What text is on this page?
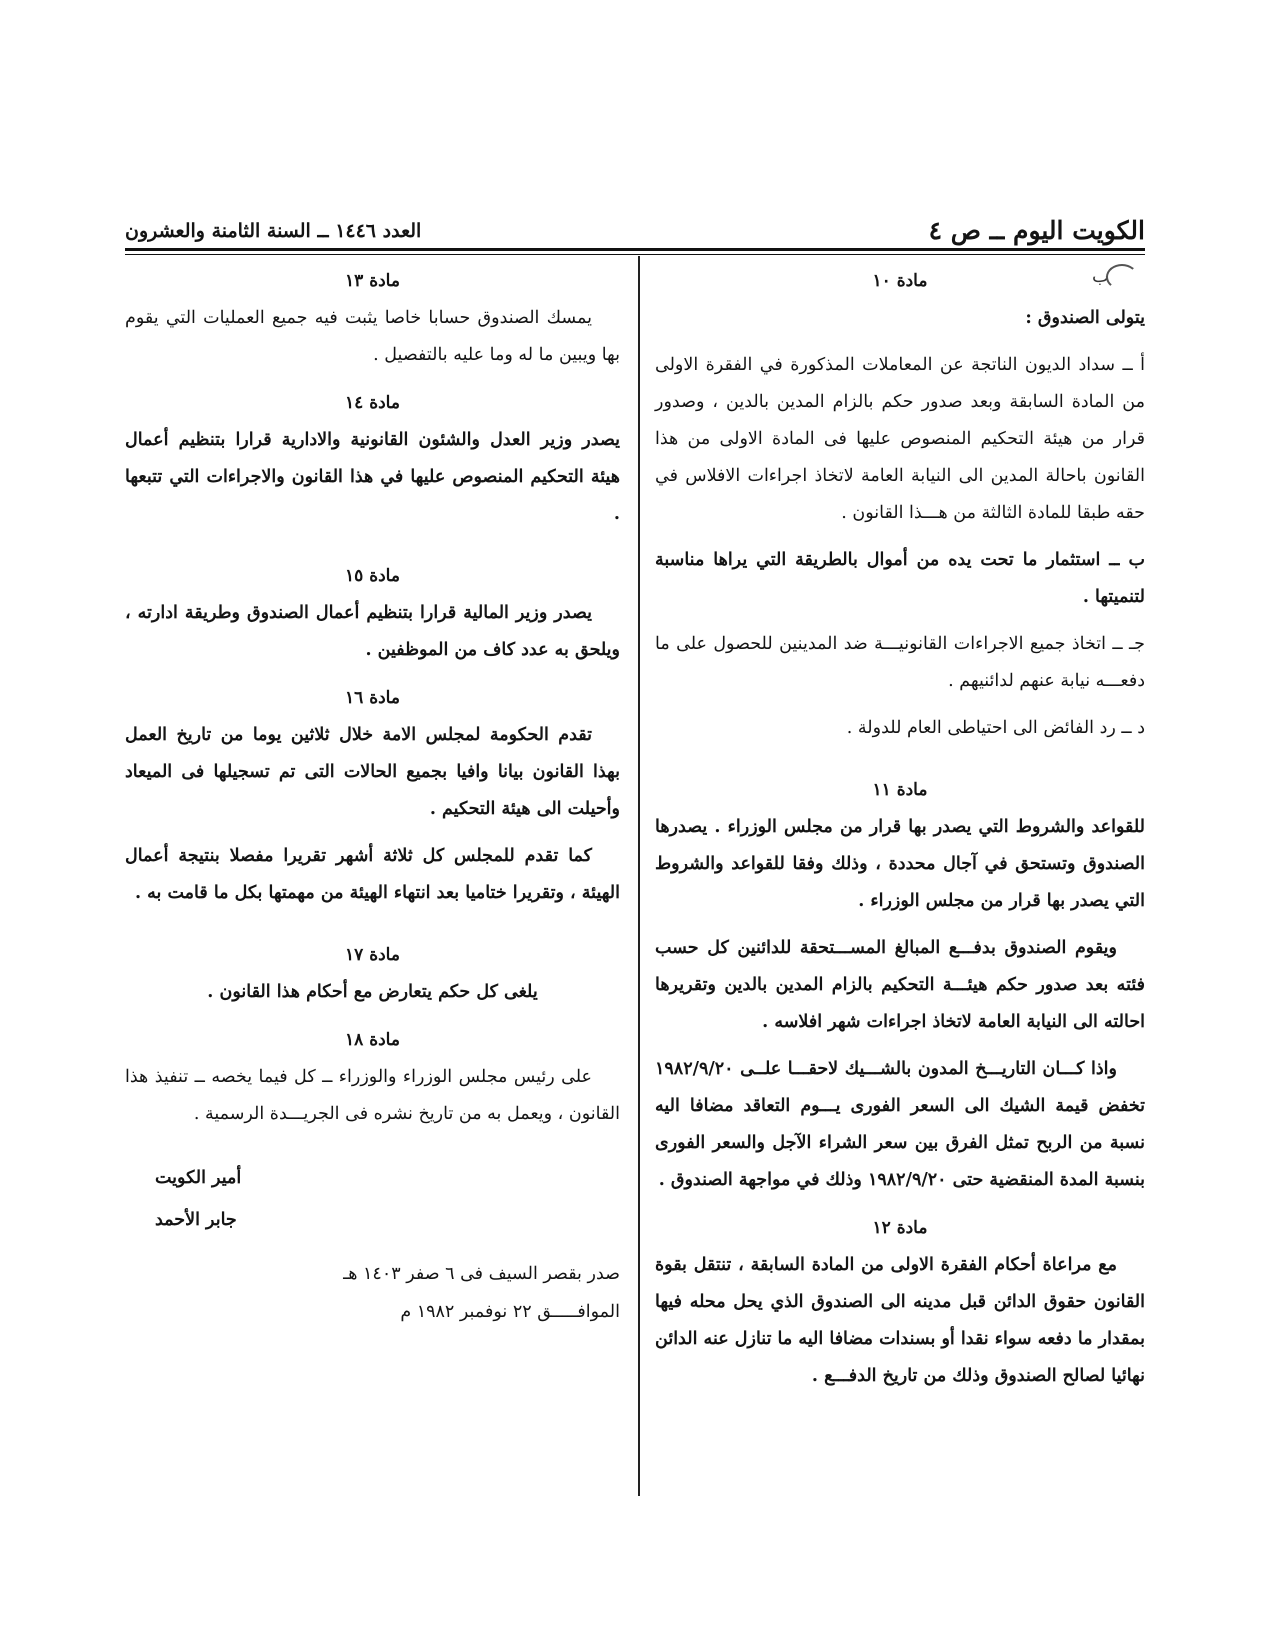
ب
الكويت اليوم ــ ص ٤
العدد ١٤٤٦ ــ السنة الثامنة والعشرون

مادة ١٠

يتولى الصندوق :

أ ــ سداد الديون الناتجة عن المعاملات المذكورة في الفقرة الاولى من المادة السابقة وبعد صدور حكم بالزام المدين بالدين ، وصدور قرار من هيئة التحكيم المنصوص عليها فى المادة الاولى من هذا القانون باحالة المدين الى النيابة العامة لاتخاذ اجراءات الافلاس في حقه طبقا للمادة الثالثة من هـــذا القانون .

ب ــ استثمار ما تحت يده من أموال بالطريقة التي يراها مناسبة لتنميتها .

جـ ــ اتخاذ جميع الاجراءات القانونيـــة ضد المدينين للحصول على ما دفعـــه نيابة عنهم لدائنيهم .

د ــ رد الفائض الى احتياطى العام للدولة .

مادة ١١

للقواعد والشروط التي يصدر بها قرار من مجلس الوزراء . يصدرها الصندوق وتستحق في آجال محددة ، وذلك وفقا للقواعد والشروط التي يصدر بها قرار من مجلس الوزراء .

ويقوم الصندوق بدفـــع المبالغ المســـتحقة للدائنين كل حسب فئته بعد صدور حكم هيئـــة التحكيم بالزام المدين بالدين وتقريرها احالته الى النيابة العامة لاتخاذ اجراءات شهر افلاسه .

واذا كـــان التاريـــخ المدون بالشـــيك لاحقـــا علــى ١٩٨٢/٩/٢٠ تخفض قيمة الشيك الى السعر الفورى يـــوم التعاقد مضافا اليه نسبة من الربح تمثل الفرق بين سعر الشراء الآجل والسعر الفورى بنسبة المدة المنقضية حتى ١٩٨٢/٩/٢٠ وذلك في مواجهة الصندوق .

مادة ١٢

مع مراعاة أحكام الفقرة الاولى من المادة السابقة ، تنتقل بقوة القانون حقوق الدائن قبل مدينه الى الصندوق الذي يحل محله فيها بمقدار ما دفعه سواء نقدا أو بسندات مضافا اليه ما تنازل عنه الدائن نهائيا لصالح الصندوق وذلك من تاريخ الدفـــع .

مادة ١٣

يمسك الصندوق حسابا خاصا يثبت فيه جميع العمليات التي يقوم بها ويبين ما له وما عليه بالتفصيل .

مادة ١٤

يصدر وزير العدل والشئون القانونية والادارية قرارا بتنظيم أعمال هيئة التحكيم المنصوص عليها في هذا القانون والاجراءات التي تتبعها .

مادة ١٥

يصدر وزير المالية قرارا بتنظيم أعمال الصندوق وطريقة ادارته ، ويلحق به عدد كاف من الموظفين .

مادة ١٦

تقدم الحكومة لمجلس الامة خلال ثلاثين يوما من تاريخ العمل بهذا القانون بيانا وافيا بجميع الحالات التى تم تسجيلها فى الميعاد وأحيلت الى هيئة التحكيم .

كما تقدم للمجلس كل ثلاثة أشهر تقريرا مفصلا بنتيجة أعمال الهيئة ، وتقريرا ختاميا بعد انتهاء الهيئة من مهمتها بكل ما قامت به .

مادة ١٧

يلغى كل حكم يتعارض مع أحكام هذا القانون .

مادة ١٨

على رئيس مجلس الوزراء والوزراء ــ كل فيما يخصه ــ تنفيذ هذا القانون ، ويعمل به من تاريخ نشره فى الجريـــدة الرسمية .

أمير الكويت

جابر الأحمد

صدر بقصر السيف فى ٦ صفر ١٤٠٣ هـ

الموافـــــق ٢٢ نوفمبر ١٩٨٢ م
